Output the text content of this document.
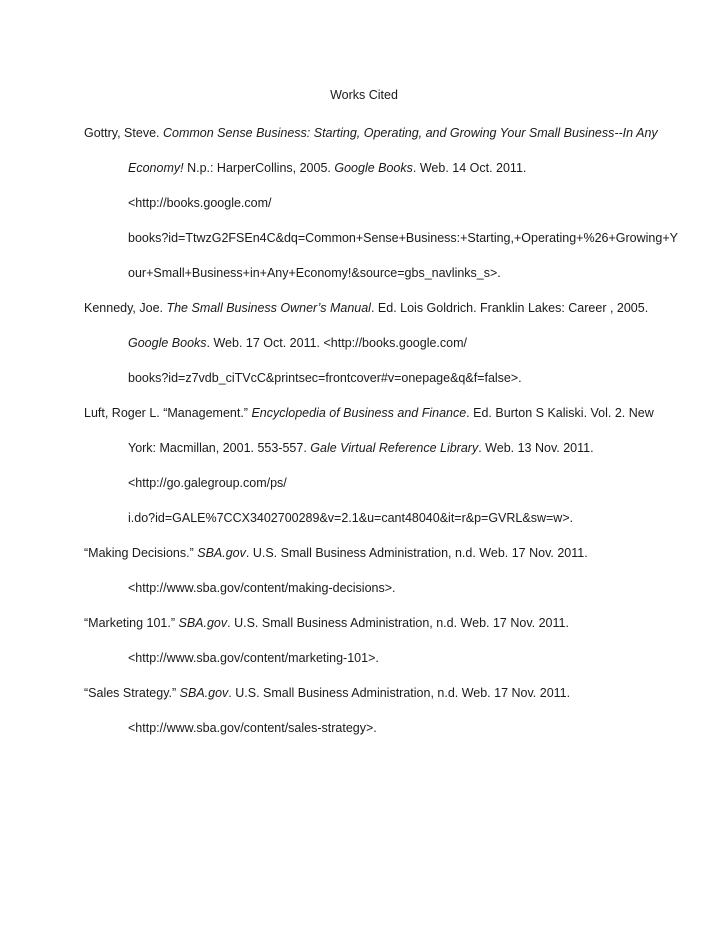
Works Cited
Gottry, Steve. Common Sense Business: Starting, Operating, and Growing Your Small Business--In Any
Economy! N.p.: HarperCollins, 2005. Google Books. Web. 14 Oct. 2011.
<http://books.google.com/
books?id=TtwzG2FSEn4C&dq=Common+Sense+Business:+Starting,+Operating+%26+Growing+Y
our+Small+Business+in+Any+Economy!&source=gbs_navlinks_s>.
Kennedy, Joe. The Small Business Owner’s Manual. Ed. Lois Goldrich. Franklin Lakes: Career , 2005.
Google Books. Web. 17 Oct. 2011. <http://books.google.com/
books?id=z7vdb_ciTVcC&printsec=frontcover#v=onepage&q&f=false>.
Luft, Roger L. “Management.” Encyclopedia of Business and Finance. Ed. Burton S Kaliski. Vol. 2. New
York: Macmillan, 2001. 553-557. Gale Virtual Reference Library. Web. 13 Nov. 2011.
<http://go.galegroup.com/ps/
i.do?id=GALE%7CCX3402700289&v=2.1&u=cant48040&it=r&p=GVRL&sw=w>.
“Making Decisions.” SBA.gov. U.S. Small Business Administration, n.d. Web. 17 Nov. 2011.
<http://www.sba.gov/content/making-decisions>.
“Marketing 101.” SBA.gov. U.S. Small Business Administration, n.d. Web. 17 Nov. 2011.
<http://www.sba.gov/content/marketing-101>.
“Sales Strategy.” SBA.gov. U.S. Small Business Administration, n.d. Web. 17 Nov. 2011.
<http://www.sba.gov/content/sales-strategy>.
